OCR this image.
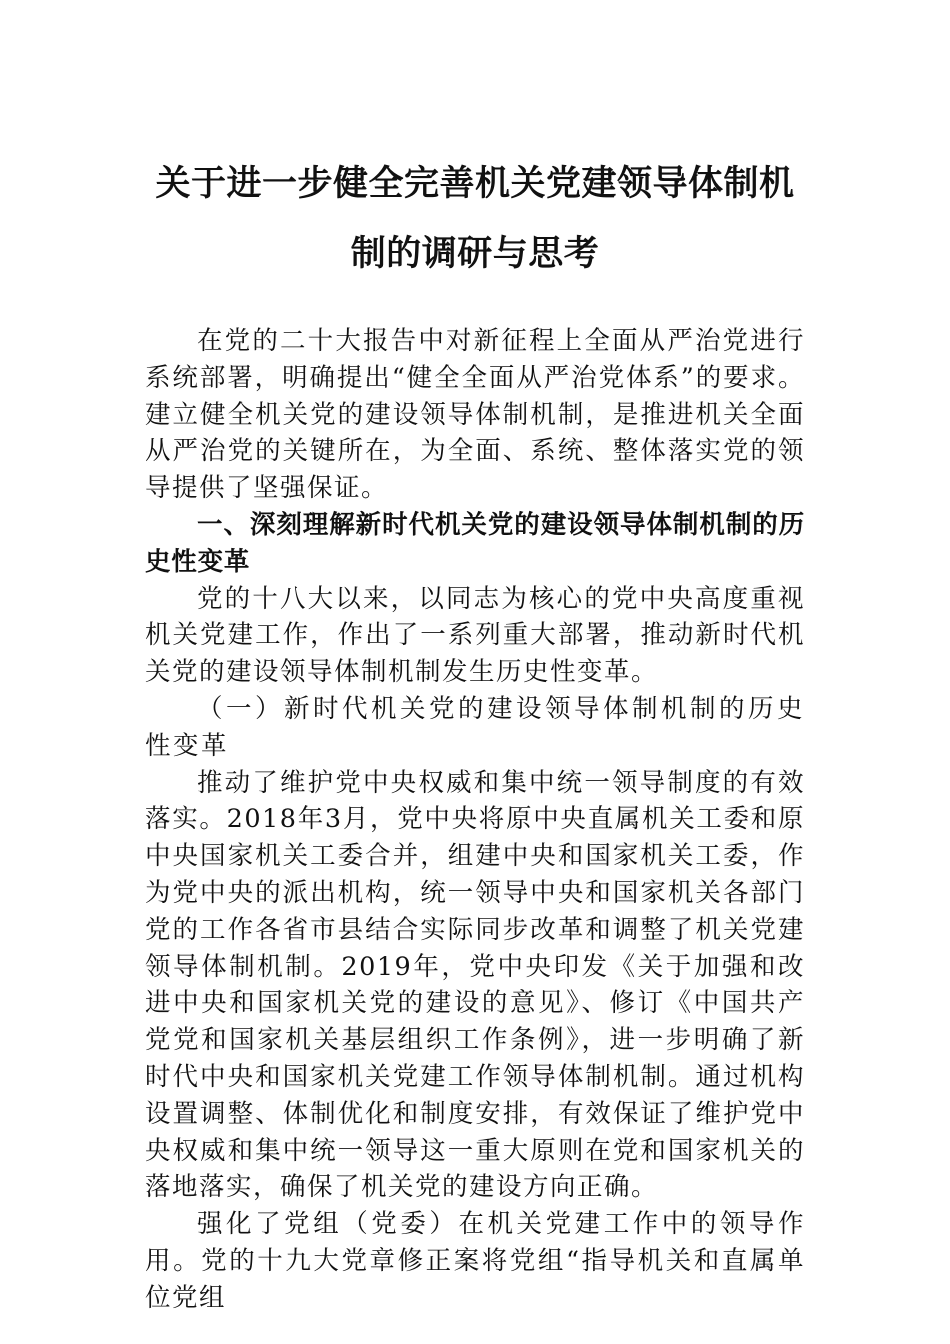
关于进一步健全完善机关党建领导体制机
制的调研与思考

在党的二十大报告中对新征程上全面从严治党进行系统部署，明确提出“健全全面从严治党体系”的要求。建立健全机关党的建设领导体制机制，是推进机关全面从严治党的关键所在，为全面、系统、整体落实党的领导提供了坚强保证。

一、深刻理解新时代机关党的建设领导体制机制的历史性变革

党的十八大以来，以同志为核心的党中央高度重视机关党建工作，作出了一系列重大部署，推动新时代机关党的建设领导体制机制发生历史性变革。

（一）新时代机关党的建设领导体制机制的历史性变革

推动了维护党中央权威和集中统一领导制度的有效落实。2018年3月，党中央将原中央直属机关工委和原中央国家机关工委合并，组建中央和国家机关工委，作为党中央的派出机构，统一领导中央和国家机关各部门党的工作各省市县结合实际同步改革和调整了机关党建领导体制机制。2019年，党中央印发《关于加强和改进中央和国家机关党的建设的意见》、修订《中国共产党党和国家机关基层组织工作条例》，进一步明确了新时代中央和国家机关党建工作领导体制机制。通过机构设置调整、体制优化和制度安排，有效保证了维护党中央权威和集中统一领导这一重大原则在党和国家机关的落地落实，确保了机关党的建设方向正确。

强化了党组（党委）在机关党建工作中的领导作用。党的十九大党章修正案将党组“指导机关和直属单位党组
